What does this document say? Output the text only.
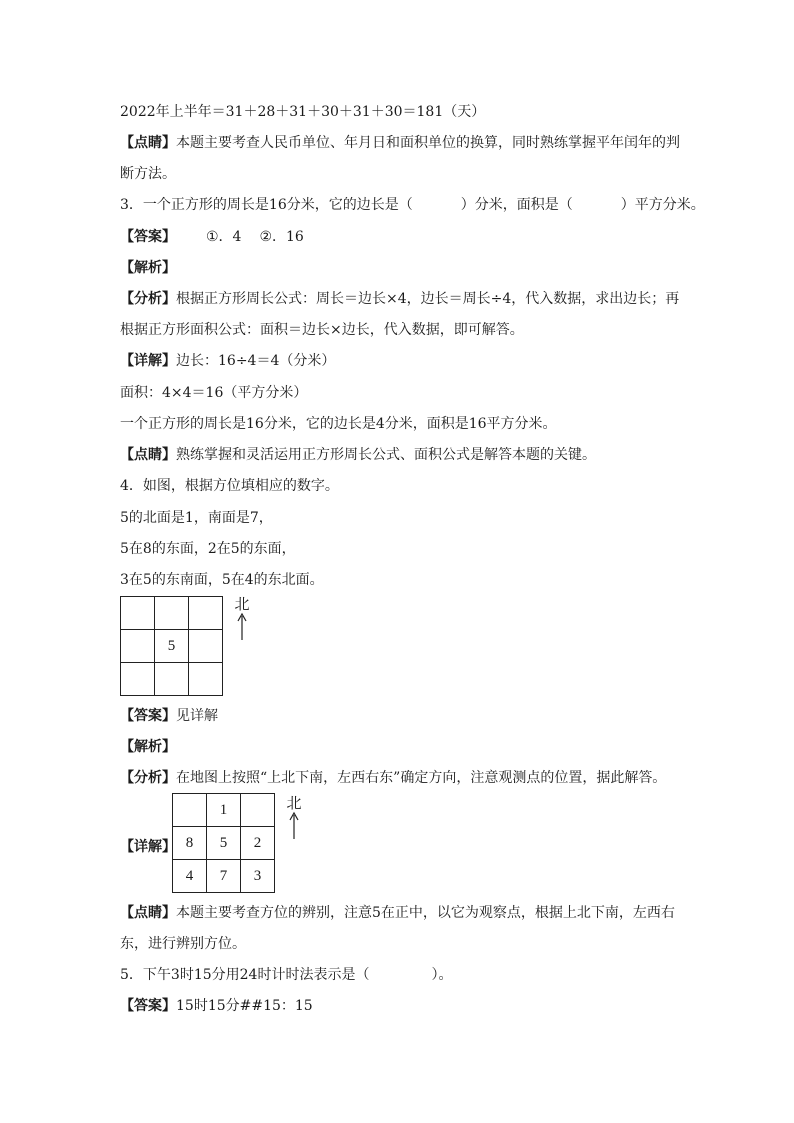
2022年上半年＝31＋28＋31＋30＋31＋30＝181（天）
【点睛】本题主要考查人民币单位、年月日和面积单位的换算，同时熟练掌握平年闰年的判
断方法。
3．一个正方形的周长是16分米，它的边长是（	）分米，面积是（	）平方分米。
【答案】 ①．4 ②．16
【解析】
【分析】根据正方形周长公式：周长＝边长×4，边长＝周长÷4，代入数据，求出边长；再
根据正方形面积公式：面积＝边长×边长，代入数据，即可解答。
【详解】边长：16÷4＝4（分米）
面积：4×4＝16（平方分米）
一个正方形的周长是16分米，它的边长是4分米，面积是16平方分米。
【点睛】熟练掌握和灵活运用正方形周长公式、面积公式是解答本题的关键。
4．如图，根据方位填相应的数字。
5的北面是1，南面是7，
5在8的东面，2在5的东面，
3在5的东南面，5在4的东北面。

	5	

北
【答案】见详解
【解析】
【分析】在地图上按照“上北下南，左西右东”确定方向，注意观测点的位置，据此解答。
【详解】
	1	
8	5	2
4	7	3
北
【点睛】本题主要考查方位的辨别，注意5在正中，以它为观察点，根据上北下南，左西右
东，进行辨别方位。
5．下午3时15分用24时计时法表示是（	）。
【答案】15时15分##15：15
